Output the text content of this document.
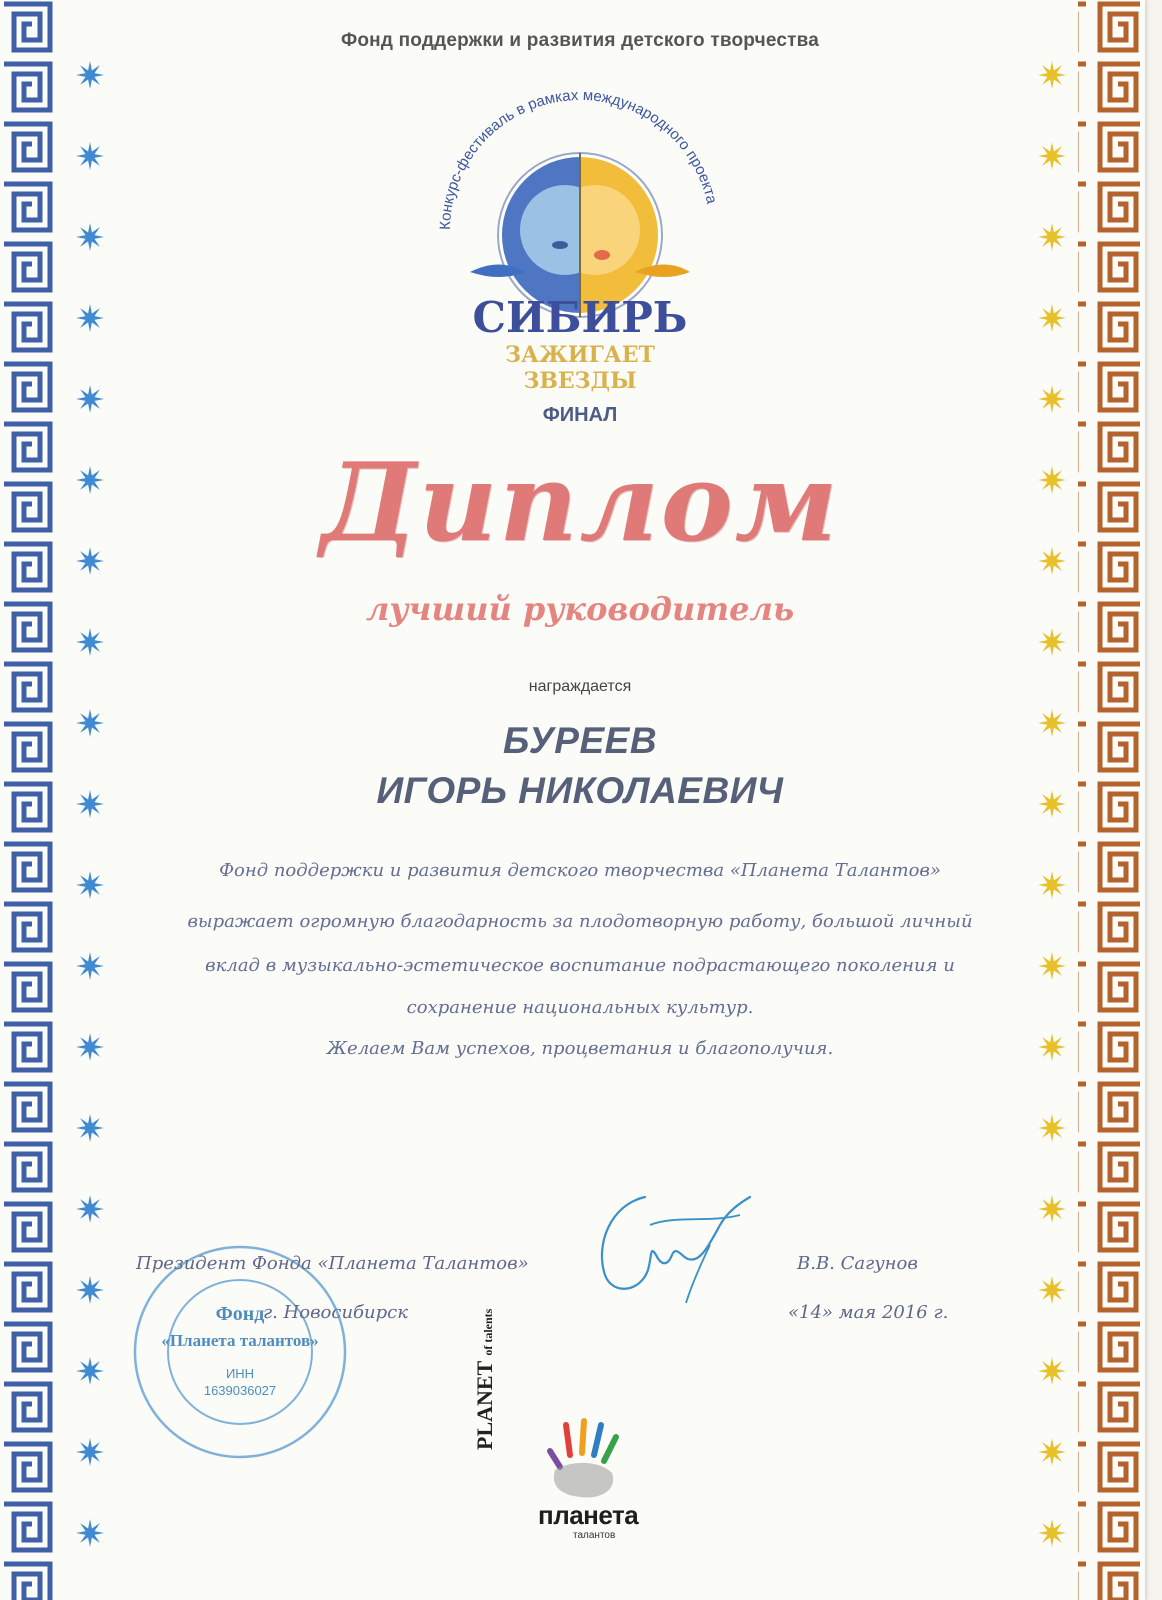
Фонд поддержки и развития детского творчества
Конкурс-фестиваль в рамках международного проекта
СИБИРЬ
ЗАЖИГАЕТ
ЗВЕЗДЫ
ФИНАЛ
Диплом
лучший руководитель
награждается
БУРЕЕВ
ИГОРЬ НИКОЛАЕВИЧ
Фонд поддержки и развития детского творчества «Планета Талантов»
выражает огромную благодарность за плодотворную работу, большой личный
вклад в музыкально-эстетическое воспитание подрастающего поколения и
сохранение национальных культур.
Желаем Вам успехов, процветания и благополучия.
Фонд
«Планета талантов»
ИНН
1639036027
Президент Фонда «Планета Талантов»	В.В. Сагунов
г. Новосибирск	«14» мая 2016 г.
планета
талантов
PLANET of talents
